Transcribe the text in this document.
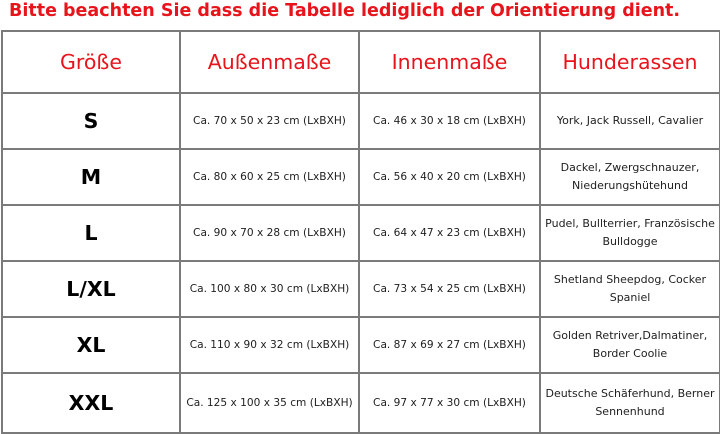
Bitte beachten Sie dass die Tabelle lediglich der Orientierung dient.
Größe	Außenmaße	Innenmaße	Hunderassen
S	Ca. 70 x 50 x 23 cm (LxBXH)	Ca. 46 x 30 x 18 cm (LxBXH)	York, Jack Russell, Cavalier

M	Ca. 80 x 60 x 25 cm (LxBXH)	Ca. 56 x 40 x 20 cm (LxBXH)	Dackel, Zwergschnauzer,
Niederungshütehund
L	Ca. 90 x 70 x 28 cm (LxBXH)	Ca. 64 x 47 x 23 cm (LxBXH)	Pudel, Bullterrier, Französische
Bulldogge
L/XL	Ca. 100 x 80 x 30 cm (LxBXH)	Ca. 73 x 54 x 25 cm (LxBXH)	Shetland Sheepdog, Cocker
Spaniel
XL	Ca. 110 x 90 x 32 cm (LxBXH)	Ca. 87 x 69 x 27 cm (LxBXH)	Golden Retriver,Dalmatiner,
Border Coolie
XXL	Ca. 125 x 100 x 35 cm (LxBXH)	Ca. 97 x 77 x 30 cm (LxBXH)	Deutsche Schäferhund, Berner
Sennenhund
